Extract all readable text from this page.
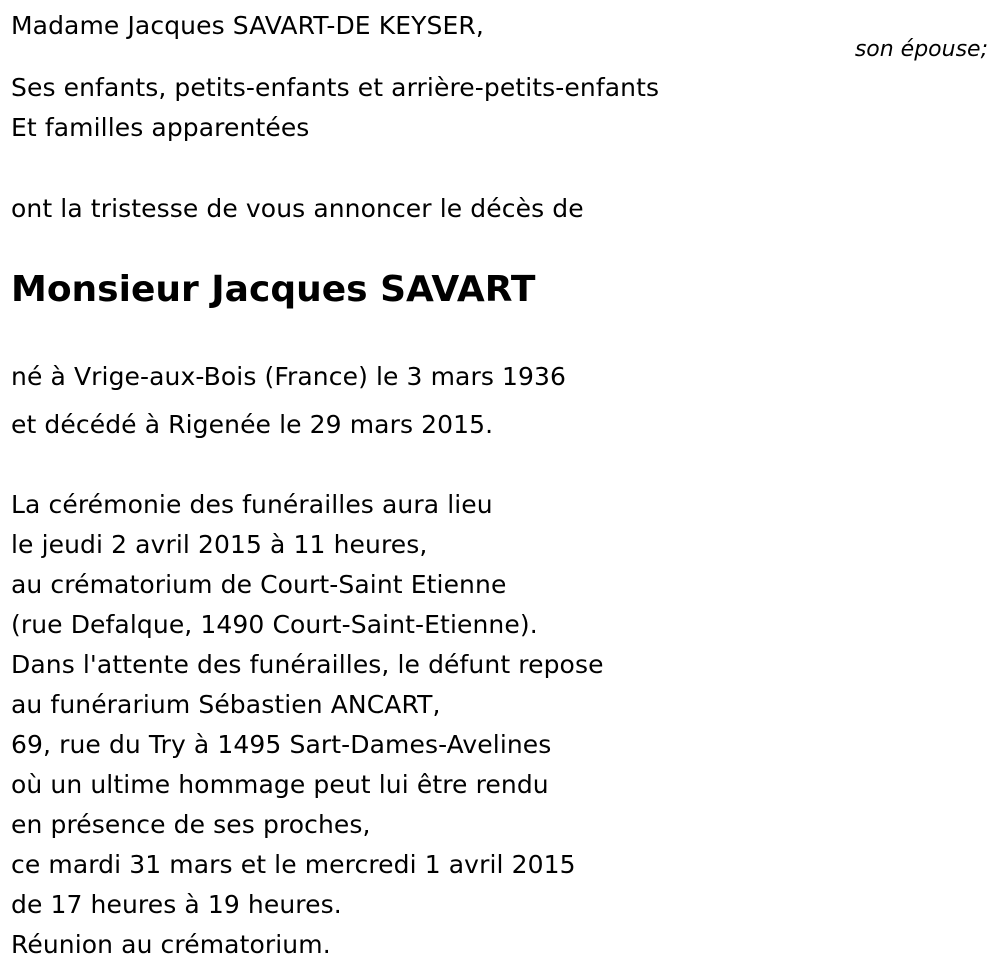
Madame Jacques SAVART-DE KEYSER,
son épouse;
Ses enfants, petits-enfants et arrière-petits-enfants
Et familles apparentées
ont la tristesse de vous annoncer le décès de
Monsieur Jacques SAVART
né à Vrige-aux-Bois (France) le 3 mars 1936
et décédé à Rigenée le 29 mars 2015.
La cérémonie des funérailles aura lieu
le jeudi 2 avril 2015 à 11 heures,
au crématorium de Court-Saint Etienne
(rue Defalque, 1490 Court-Saint-Etienne).
Dans l'attente des funérailles, le défunt repose
au funérarium Sébastien ANCART,
69, rue du Try à 1495 Sart-Dames-Avelines
où un ultime hommage peut lui être rendu
en présence de ses proches,
ce mardi 31 mars et le mercredi 1 avril 2015
de 17 heures à 19 heures.
Réunion au crématorium.
